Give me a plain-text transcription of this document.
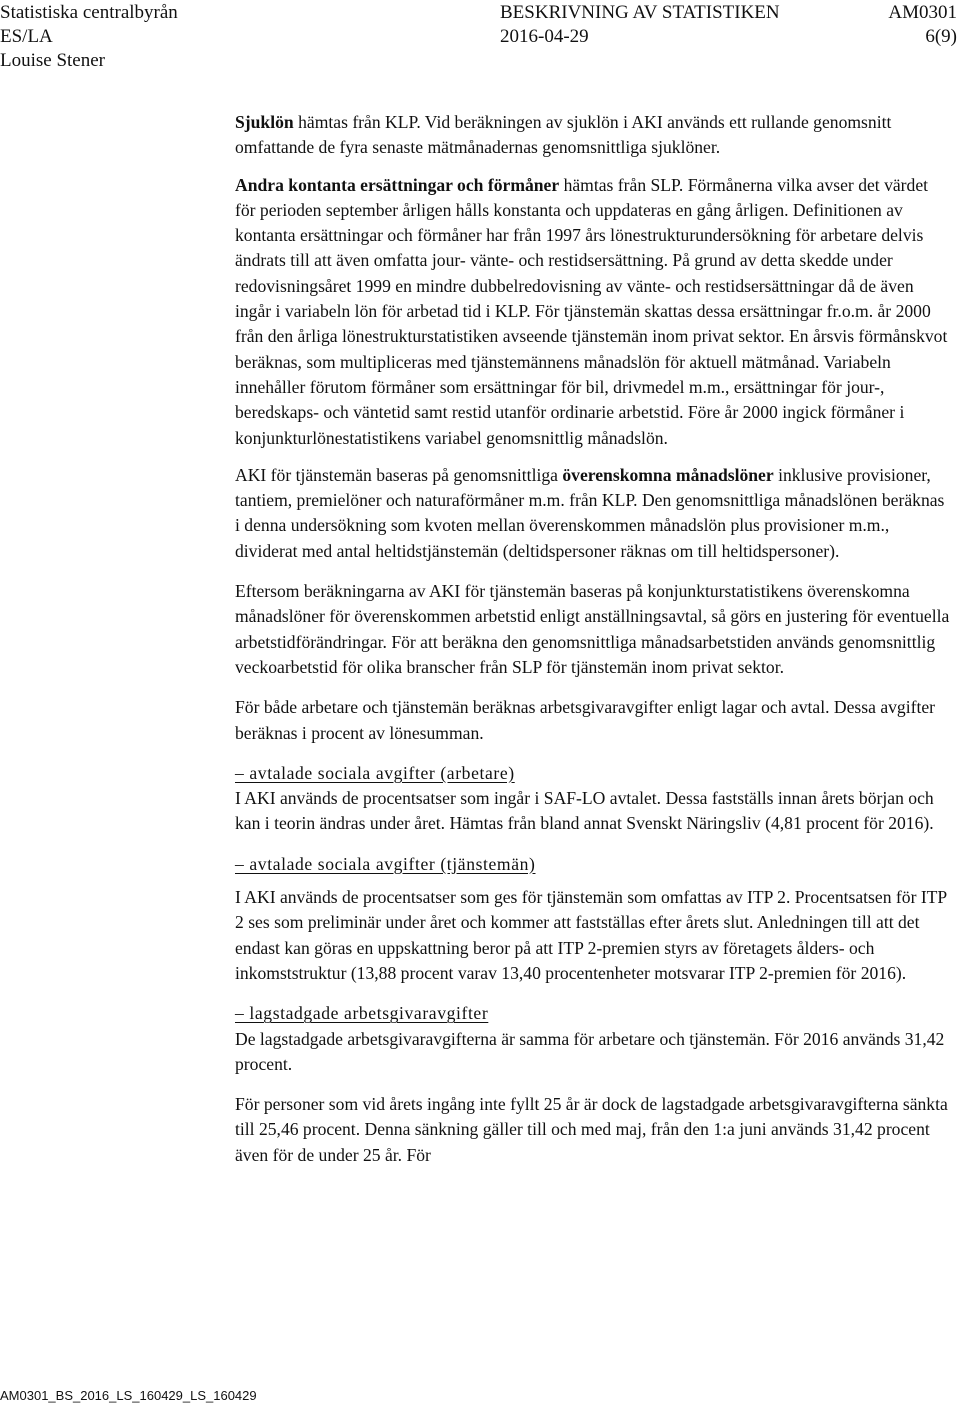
Statistiska centralbyrån
ES/LA
Louise Stener
BESKRIVNING AV STATISTIKEN
2016-04-29
AM0301
6(9)

Sjuklön hämtas från KLP. Vid beräkningen av sjuklön i AKI används ett rullande genomsnitt omfattande de fyra senaste mätmånadernas genomsnittliga sjuklöner.

Andra kontanta ersättningar och förmåner hämtas från SLP. Förmånerna vilka avser det värdet för perioden september årligen hålls konstanta och uppdateras en gång årligen. Definitionen av kontanta ersättningar och förmåner har från 1997 års lönestrukturundersökning för arbetare delvis ändrats till att även omfatta jour- vänte- och restidsersättning. På grund av detta skedde under redovisningsåret 1999 en mindre dubbelredovisning av vänte- och restidsersättningar då de även ingår i variabeln lön för arbetad tid i KLP. För tjänstemän skattas dessa ersättningar fr.o.m. år 2000 från den årliga lönestrukturstatistiken avseende tjänstemän inom privat sektor. En årsvis förmånskvot beräknas, som multipliceras med tjänstemännens månadslön för aktuell mätmånad. Variabeln innehåller förutom förmåner som ersättningar för bil, drivmedel m.m., ersättningar för jour-, beredskaps- och väntetid samt restid utanför ordinarie arbetstid. Före år 2000 ingick förmåner i konjunkturlönestatistikens variabel genomsnittlig månadslön.

AKI för tjänstemän baseras på genomsnittliga överenskomna månadslöner inklusive provisioner, tantiem, premielöner och naturaförmåner m.m. från KLP. Den genomsnittliga månadslönen beräknas i denna undersökning som kvoten mellan överenskommen månadslön plus provisioner m.m., dividerat med antal heltidstjänstemän (deltidspersoner räknas om till heltidspersoner).

Eftersom beräkningarna av AKI för tjänstemän baseras på konjunkturstatistikens överenskomna månadslöner för överenskommen arbetstid enligt anställningsavtal, så görs en justering för eventuella arbetstidförändringar. För att beräkna den genomsnittliga månadsarbetstiden används genomsnittlig veckoarbetstid för olika branscher från SLP för tjänstemän inom privat sektor.

För både arbetare och tjänstemän beräknas arbetsgivaravgifter enligt lagar och avtal. Dessa avgifter beräknas i procent av lönesumman.

– avtalade sociala avgifter (arbetare)

I AKI används de procentsatser som ingår i SAF-LO avtalet. Dessa fastställs innan årets början och kan i teorin ändras under året. Hämtas från bland annat Svenskt Näringsliv (4,81 procent för 2016).

– avtalade sociala avgifter (tjänstemän)

I AKI används de procentsatser som ges för tjänstemän som omfattas av ITP 2. Procentsatsen för ITP 2 ses som preliminär under året och kommer att fastställas efter årets slut. Anledningen till att det endast kan göras en uppskattning beror på att ITP 2-premien styrs av företagets ålders- och inkomststruktur (13,88 procent varav 13,40 procentenheter motsvarar ITP 2-premien för 2016).

– lagstadgade arbetsgivaravgifter

De lagstadgade arbetsgivaravgifterna är samma för arbetare och tjänstemän. För 2016 används 31,42 procent.

För personer som vid årets ingång inte fyllt 25 år är dock de lagstadgade arbetsgivaravgifterna sänkta till 25,46 procent. Denna sänkning gäller till och med maj, från den 1:a juni används 31,42 procent även för de under 25 år. För

AM0301_BS_2016_LS_160429_LS_160429
